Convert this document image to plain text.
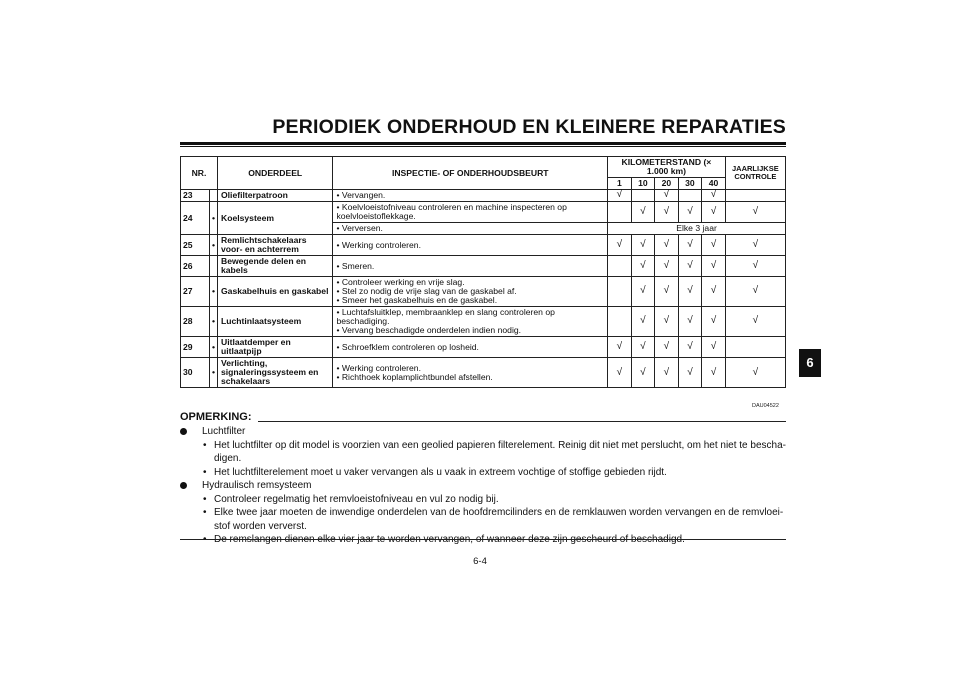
PERIODIEK ONDERHOUD EN KLEINERE REPARATIES
6
NR.		ONDERDEEL	INSPECTIE- OF ONDERHOUDSBEURT	KILOMETERSTAND (× 1.000 km)					JAARLIJKSE CONTROLE
				1	10	20	30	40	
23		Oliefilterpatroon	• Vervangen.	√		√		√	
24	•	Koelsysteem	• Koelvloeistofniveau controleren en machine inspecteren op koelvloeistoflekkage.		√	√	√	√	√
			• Verversen.	Elke 3 jaar					
25	•	Remlichtschakelaars voor- en achterrem	• Werking controleren.	√	√	√	√	√	√
26		Bewegende delen en kabels	• Smeren.		√	√	√	√	√
27	•	Gaskabelhuis en gaskabel	• Controleer werking en vrije slag.
• Stel zo nodig de vrije slag van de gaskabel af.
• Smeer het gaskabelhuis en de gaskabel.		√	√	√	√	√
28	•	Luchtinlaatsysteem	• Luchtafsluitklep, membraanklep en slang controleren op beschadiging.
• Vervang beschadigde onderdelen indien nodig.		√	√	√	√	√
29	•	Uitlaatdemper en uitlaatpijp	• Schroefklem controleren op losheid.	√	√	√	√	√	
30	•	Verlichting, signaleringssysteem en schakelaars	• Werking controleren.
• Richthoek koplamplichtbundel afstellen.	√	√	√	√	√	√
DAU04522
OPMERKING:
Luchtfilter
• Het luchtfilter op dit model is voorzien van een geolied papieren filterelement. Reinig dit niet met perslucht, om het niet te bescha-digen.
• Het luchtfilterelement moet u vaker vervangen als u vaak in extreem vochtige of stoffige gebieden rijdt.
Hydraulisch remsysteem
• Controleer regelmatig het remvloeistofniveau en vul zo nodig bij.
• Elke twee jaar moeten de inwendige onderdelen van de hoofdremcilinders en de remklauwen worden vervangen en de remvloei-stof worden ververst.
6-4
